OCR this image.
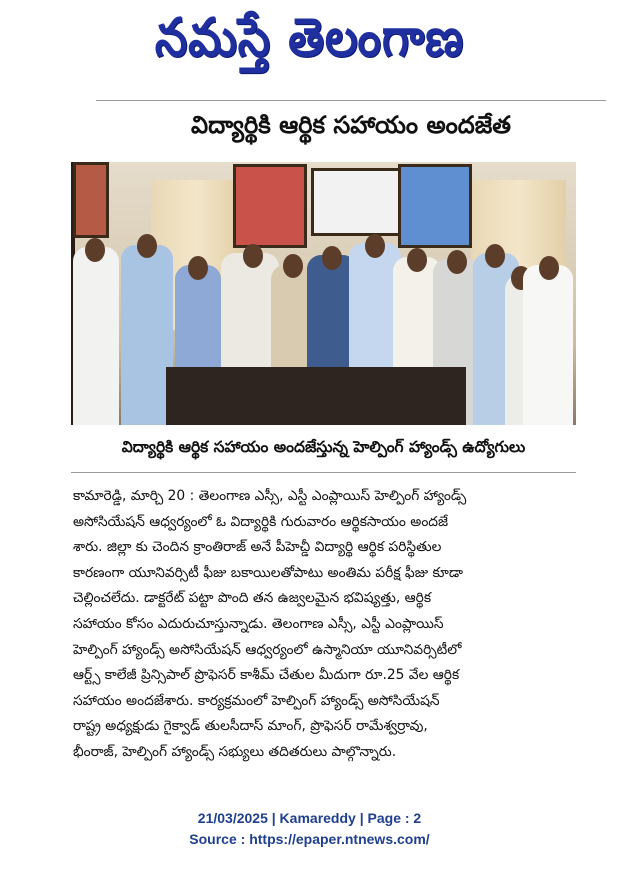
నమస్తే తెలంగాణ
విద్యార్థికి ఆర్థిక సహాయం అందజేత
విద్యార్థికి ఆర్థిక సహాయం అందజేస్తున్న హెల్పింగ్ హ్యాండ్స్ ఉద్యోగులు
కామారెడ్డి, మార్చి 20 : తెలంగాణ ఎస్సీ, ఎస్టీ ఎంప్లాయిస్ హెల్పింగ్ హ్యాండ్స్
అసోసియేషన్ ఆధ్వర్యంలో ఓ విద్యార్థికి గురువారం ఆర్థికసాయం అందజే
శారు. జిల్లా కు చెందిన క్రాంతిరాజ్ అనే పీహెచ్డీ విద్యార్థి ఆర్థిక పరిస్థితుల
కారణంగా యూనివర్సిటీ ఫీజు బకాయిలతోపాటు అంతిమ పరీక్ష ఫీజు కూడా
చెల్లించలేదు. డాక్టరేట్ పట్టా పొంది తన ఉజ్వలమైన భవిష్యత్తు, ఆర్థిక
సహాయం కోసం ఎదురుచూస్తున్నాడు. తెలంగాణ ఎస్సీ, ఎస్టీ ఎంప్లాయిస్
హెల్పింగ్ హ్యాండ్స్ అసోసియేషన్ ఆధ్వర్యంలో ఉస్మానియా యూనివర్సిటీలో
ఆర్ట్స్ కాలేజీ ప్రిన్సిపాల్ ప్రొఫెసర్ కాశీమ్ చేతుల మీదుగా రూ.25 వేల ఆర్థిక
సహాయం అందజేశారు. కార్యక్రమంలో హెల్పింగ్ హ్యాండ్స్ అసోసియేషన్
రాష్ట్ర అధ్యక్షుడు గైక్వాడ్ తులసీదాస్ మాంగ్, ప్రొఫెసర్ రామేశ్వర్రావు,
భీంరాజ్, హెల్పింగ్ హ్యాండ్స్ సభ్యులు తదితరులు పాల్గొన్నారు.
21/03/2025 | Kamareddy | Page : 2
Source : https://epaper.ntnews.com/
